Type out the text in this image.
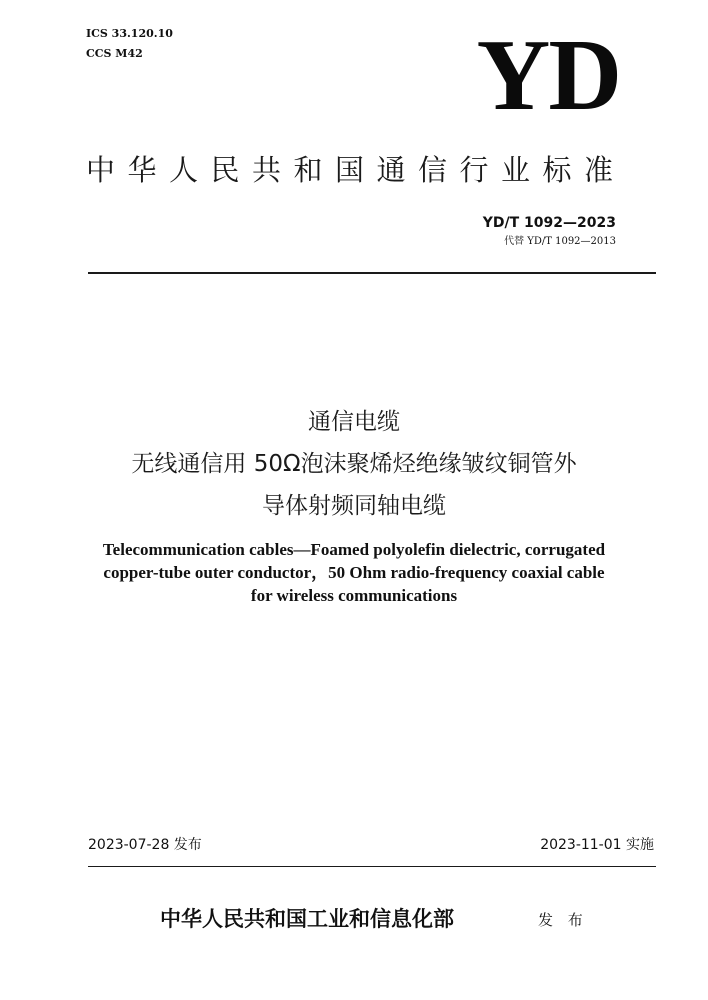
ICS 33.120.10
CCS M42	YD
中华人民共和国通信行业标准
YD/T 1092—2023
代替 YD/T 1092—2013
通信电缆
无线通信用 50Ω泡沫聚烯烃绝缘皱纹铜管外
导体射频同轴电缆
Telecommunication cables—Foamed polyolefin dielectric, corrugated
copper-tube outer conductor，50 Ohm radio-frequency coaxial cable
for wireless communications
2023-07-28 发布	2023-11-01 实施
中华人民共和国工业和信息化部	发 布
